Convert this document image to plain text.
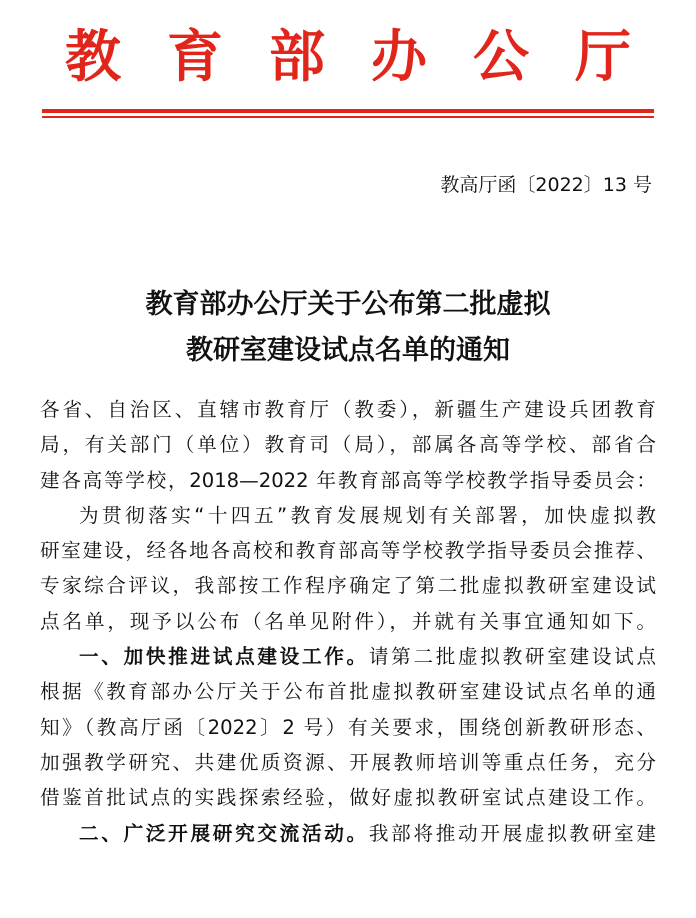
教育部办公厅
教高厅函〔2022〕13 号
教育部办公厅关于公布第二批虚拟
教研室建设试点名单的通知
各省、自治区、直辖市教育厅（教委），新疆生产建设兵团教育
局，有关部门（单位）教育司（局），部属各高等学校、部省合
建各高等学校，2018—2022 年教育部高等学校教学指导委员会：
为贯彻落实“十四五”教育发展规划有关部署，加快虚拟教
研室建设，经各地各高校和教育部高等学校教学指导委员会推荐、
专家综合评议，我部按工作程序确定了第二批虚拟教研室建设试
点名单，现予以公布（名单见附件），并就有关事宜通知如下。
一、加快推进试点建设工作。请第二批虚拟教研室建设试点
根据《教育部办公厅关于公布首批虚拟教研室建设试点名单的通
知》（教高厅函〔2022〕2 号）有关要求，围绕创新教研形态、
加强教学研究、共建优质资源、开展教师培训等重点任务，充分
借鉴首批试点的实践探索经验，做好虚拟教研室试点建设工作。
二、广泛开展研究交流活动。我部将推动开展虚拟教研室建
